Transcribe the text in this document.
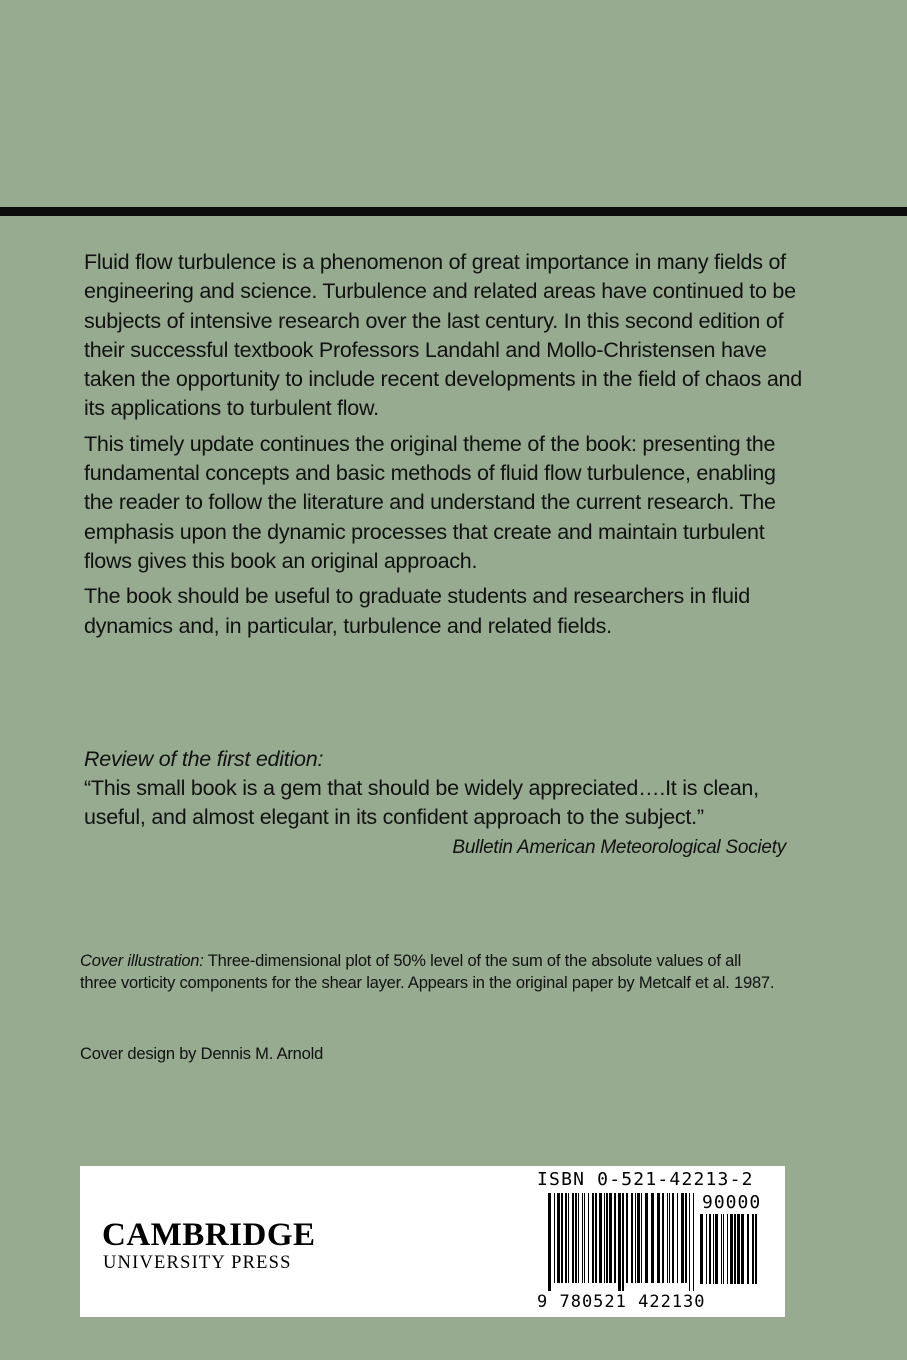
Fluid flow turbulence is a phenomenon of great importance in many fields of engineering and science. Turbulence and related areas have continued to be subjects of intensive research over the last century. In this second edition of their successful textbook Professors Landahl and Mollo-Christensen have taken the opportunity to include recent developments in the field of chaos and its applications to turbulent flow.

This timely update continues the original theme of the book: presenting the fundamental concepts and basic methods of fluid flow turbulence, enabling the reader to follow the literature and understand the current research. The emphasis upon the dynamic processes that create and maintain turbulent flows gives this book an original approach.

The book should be useful to graduate students and researchers in fluid dynamics and, in particular, turbulence and related fields.

Review of the first edition:

“This small book is a gem that should be widely appreciated….It is clean, useful, and almost elegant in its confident approach to the subject.”

Bulletin American Meteorological Society
Cover illustration: Three-dimensional plot of 50% level of the sum of the absolute values of all three vorticity components for the shear layer. Appears in the original paper by Metcalf et al. 1987.
Cover design by Dennis M. Arnold
CAMBRIDGE
UNIVERSITY PRESS
ISBN 0-521-42213-2
90000
9 780521 422130
